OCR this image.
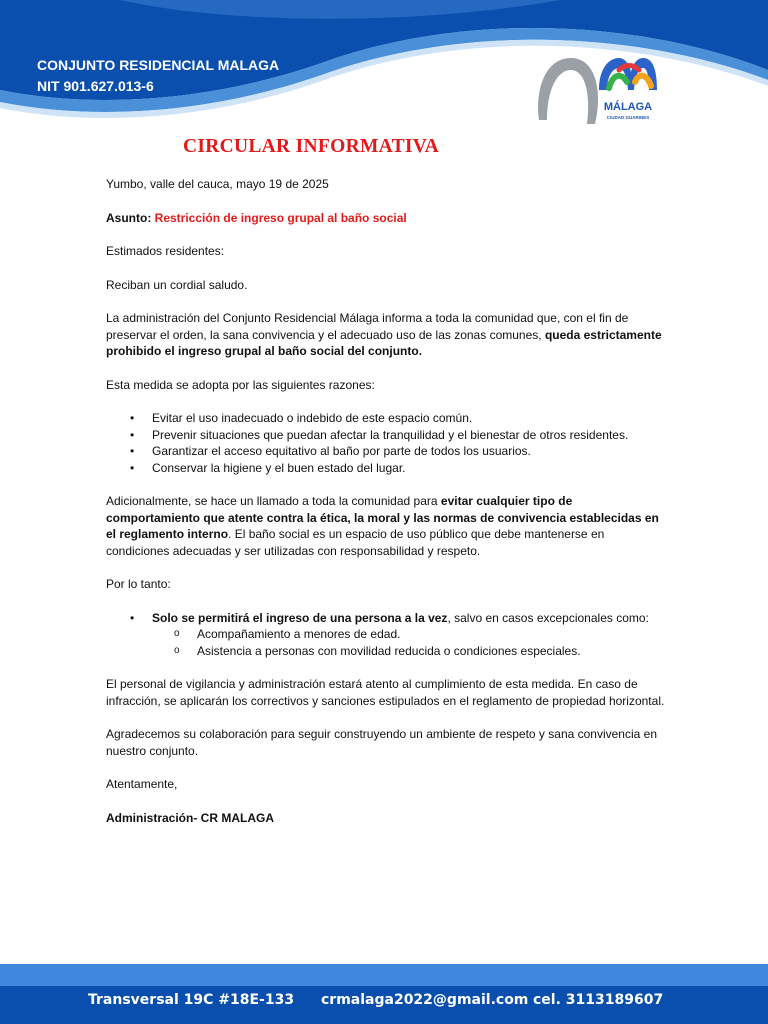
CONJUNTO RESIDENCIAL MALAGA
NIT 901.627.013-6
MÁLAGA
CIUDAD GUARINES
CIRCULAR INFORMATIVA

Yumbo, valle del cauca, mayo 19 de 2025

Asunto: Restricción de ingreso grupal al baño social

Estimados residentes:

Reciban un cordial saludo.

La administración del Conjunto Residencial Málaga informa a toda la comunidad que, con el fin de preservar el orden, la sana convivencia y el adecuado uso de las zonas comunes, queda estrictamente prohibido el ingreso grupal al baño social del conjunto.

Esta medida se adopta por las siguientes razones:

• Evitar el uso inadecuado o indebido de este espacio común.
• Prevenir situaciones que puedan afectar la tranquilidad y el bienestar de otros residentes.
• Garantizar el acceso equitativo al baño por parte de todos los usuarios.
• Conservar la higiene y el buen estado del lugar.

Adicionalmente, se hace un llamado a toda la comunidad para evitar cualquier tipo de comportamiento que atente contra la ética, la moral y las normas de convivencia establecidas en el reglamento interno. El baño social es un espacio de uso público que debe mantenerse en condiciones adecuadas y ser utilizadas con responsabilidad y respeto.

Por lo tanto:

• Solo se permitirá el ingreso de una persona a la vez, salvo en casos excepcionales como:
o Acompañamiento a menores de edad.
o Asistencia a personas con movilidad reducida o condiciones especiales.

El personal de vigilancia y administración estará atento al cumplimiento de esta medida. En caso de infracción, se aplicarán los correctivos y sanciones estipulados en el reglamento de propiedad horizontal.

Agradecemos su colaboración para seguir construyendo un ambiente de respeto y sana convivencia en nuestro conjunto.

Atentamente,

Administración- CR MALAGA

Transversal 19C #18E-133 crmalaga2022@gmail.com cel. 3113189607
